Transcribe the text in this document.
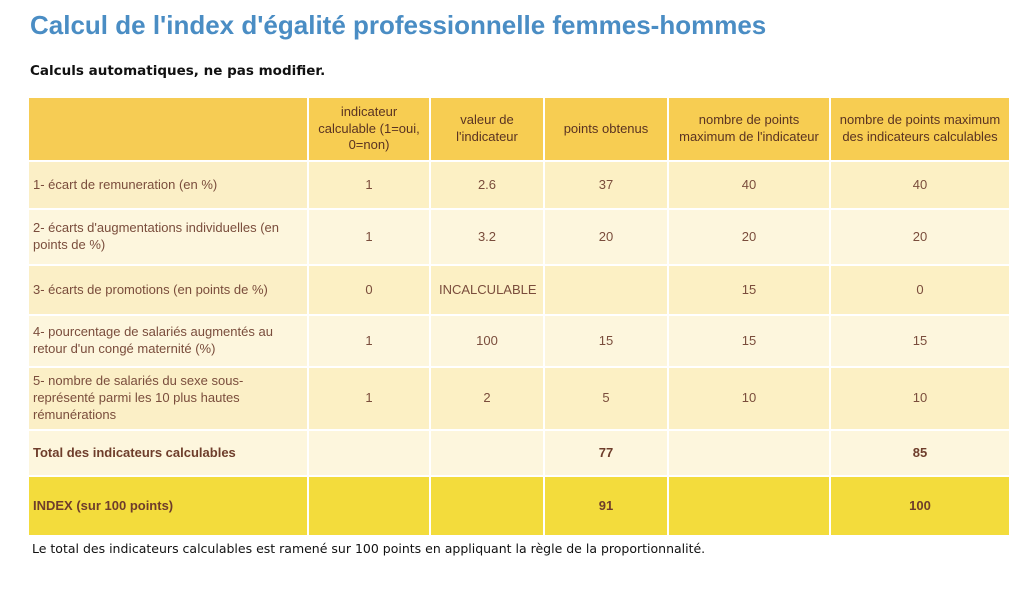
Calcul de l'index d'égalité professionnelle femmes-hommes
Calculs automatiques, ne pas modifier.
	indicateur calculable (1=oui, 0=non)	valeur de l'indicateur	points obtenus	nombre de points maximum de l'indicateur	nombre de points maximum des indicateurs calculables
1- écart de remuneration (en %)	1	2.6	37	40	40
2- écarts d'augmentations individuelles (en points de %)	1	3.2	20	20	20
3- écarts de promotions (en points de %)	0	INCALCULABLE		15	0
4- pourcentage de salariés augmentés au retour d'un congé maternité (%)	1	100	15	15	15
5- nombre de salariés du sexe sous-représenté parmi les 10 plus hautes rémunérations	1	2	5	10	10
Total des indicateurs calculables			77		85
INDEX (sur 100 points)			91		100
Le total des indicateurs calculables est ramené sur 100 points en appliquant la règle de la proportionnalité.
